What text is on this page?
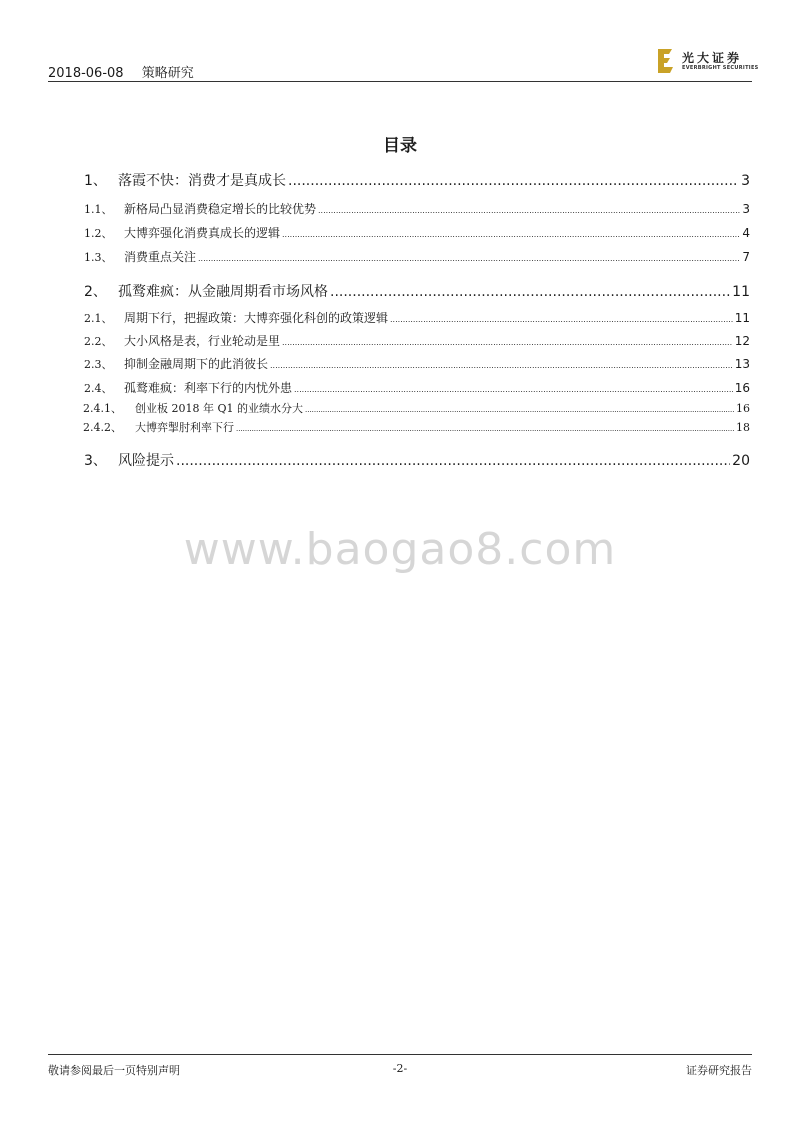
2018-06-08 策略研究
光大证券
EVERBRIGHT SECURITIES
目录
1、 落霞不快：消费才是真成长 .....	3
1.1、 新格局凸显消费稳定增长的比较优势 .....	3
1.2、 大博弈强化消费真成长的逻辑 .....	4
1.3、 消费重点关注 .....	7
2、 孤鹜难疯：从金融周期看市场风格 .....	11
2.1、 周期下行，把握政策：大博弈强化科创的政策逻辑 .....	11
2.2、 大小风格是表，行业轮动是里 .....	12
2.3、 抑制金融周期下的此消彼长 .....	13
2.4、 孤鹜难疯：利率下行的内忧外患 .....	16
2.4.1、	创业板 2018 年 Q1 的业绩水分大 .....	16
2.4.2、	大博弈掣肘利率下行 .....	18
3、 风险提示 .....	20
www.baogao8.com
敬请参阅最后一页特别声明	-2-	证券研究报告
